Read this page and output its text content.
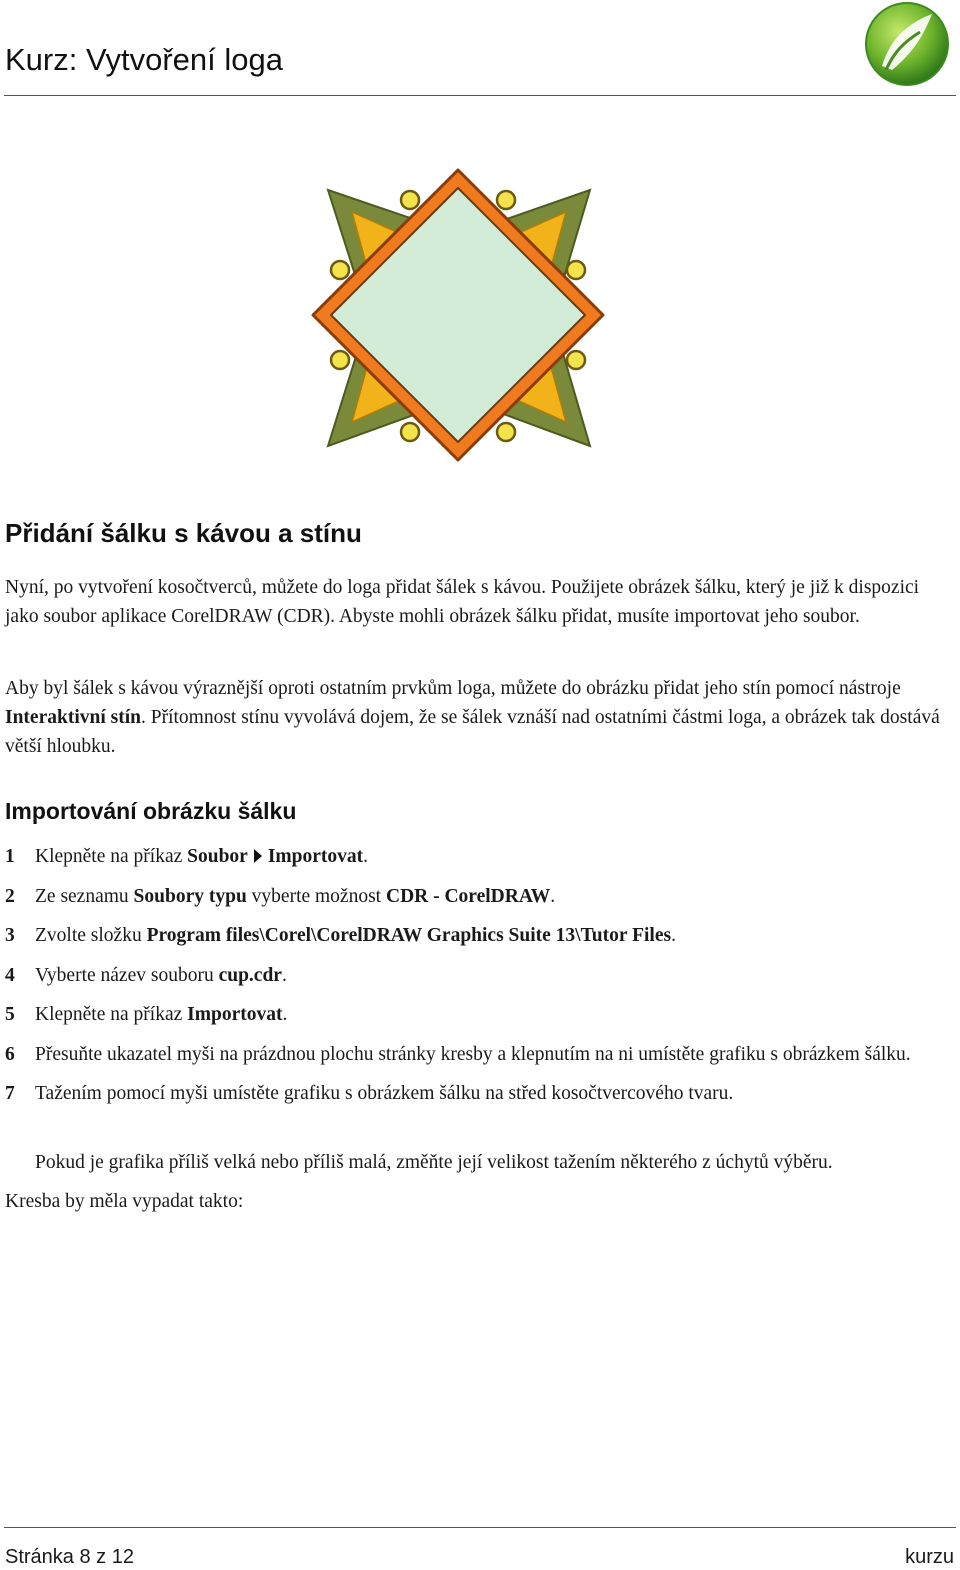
Kurz: Vytvoření loga
Přidání šálku s kávou a stínu

Nyní, po vytvoření kosočtverců, můžete do loga přidat šálek s kávou. Použijete obrázek šálku, který je již k dispozici jako soubor aplikace CorelDRAW (CDR). Abyste mohli obrázek šálku přidat, musíte importovat jeho soubor.

Aby byl šálek s kávou výraznější oproti ostatním prvkům loga, můžete do obrázku přidat jeho stín pomocí nástroje Interaktivní stín. Přítomnost stínu vyvolává dojem, že se šálek vznáší nad ostatními částmi loga, a obrázek tak dostává větší hloubku.

Importování obrázku šálku
1 Klepněte na příkaz Soubor Importovat.
2 Ze seznamu Soubory typu vyberte možnost CDR - CorelDRAW.
3 Zvolte složku Program files\Corel\CorelDRAW Graphics Suite 13\Tutor Files.
4 Vyberte název souboru cup.cdr.
5 Klepněte na příkaz Importovat.
6 Přesuňte ukazatel myši na prázdnou plochu stránky kresby a klepnutím na ni umístěte grafiku s obrázkem šálku.
7 Tažením pomocí myši umístěte grafiku s obrázkem šálku na střed kosočtvercového tvaru.

Pokud je grafika příliš velká nebo příliš malá, změňte její velikost tažením některého z úchytů výběru.

Kresba by měla vypadat takto:

Stránka 8 z 12	kurzu
